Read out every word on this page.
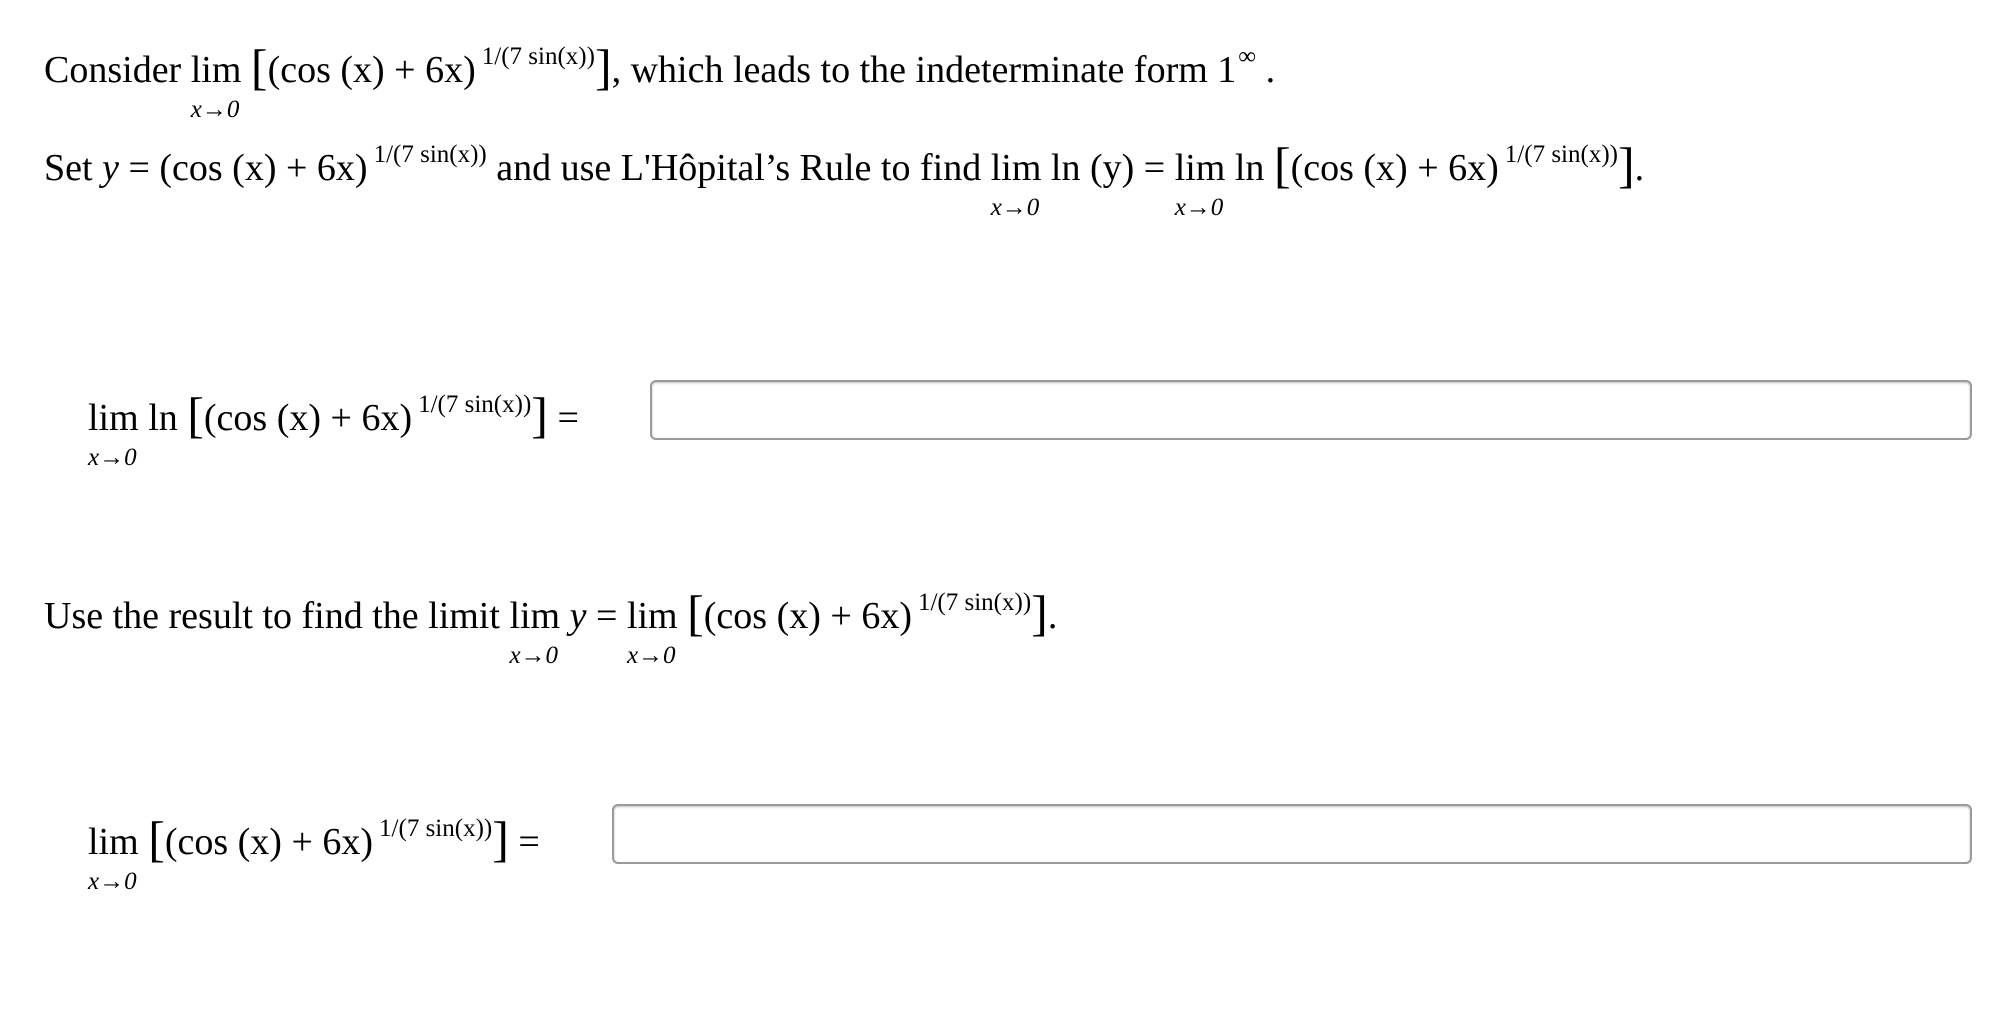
Consider lim
x→0
[(cos (x) + 6x) $^{1/(7 sin(x))}$], which leads to the indeterminate form 1∞ .
Set y = (cos (x) + 6x) $^{1/(7 sin(x))}$ and use L'Hôpital’s Rule to find lim
x→0
ln (y) = lim
x→0
ln [(cos (x) + 6x) $^{1/(7 sin(x))}$].
lim
x→0
ln [(cos (x) + 6x) $^{1/(7 sin(x))}$] =
Use the result to find the limit lim
x→0
y = lim
x→0
[(cos (x) + 6x) $^{1/(7 sin(x))}$].
lim
x→0
[(cos (x) + 6x) $^{1/(7 sin(x))}$] =
